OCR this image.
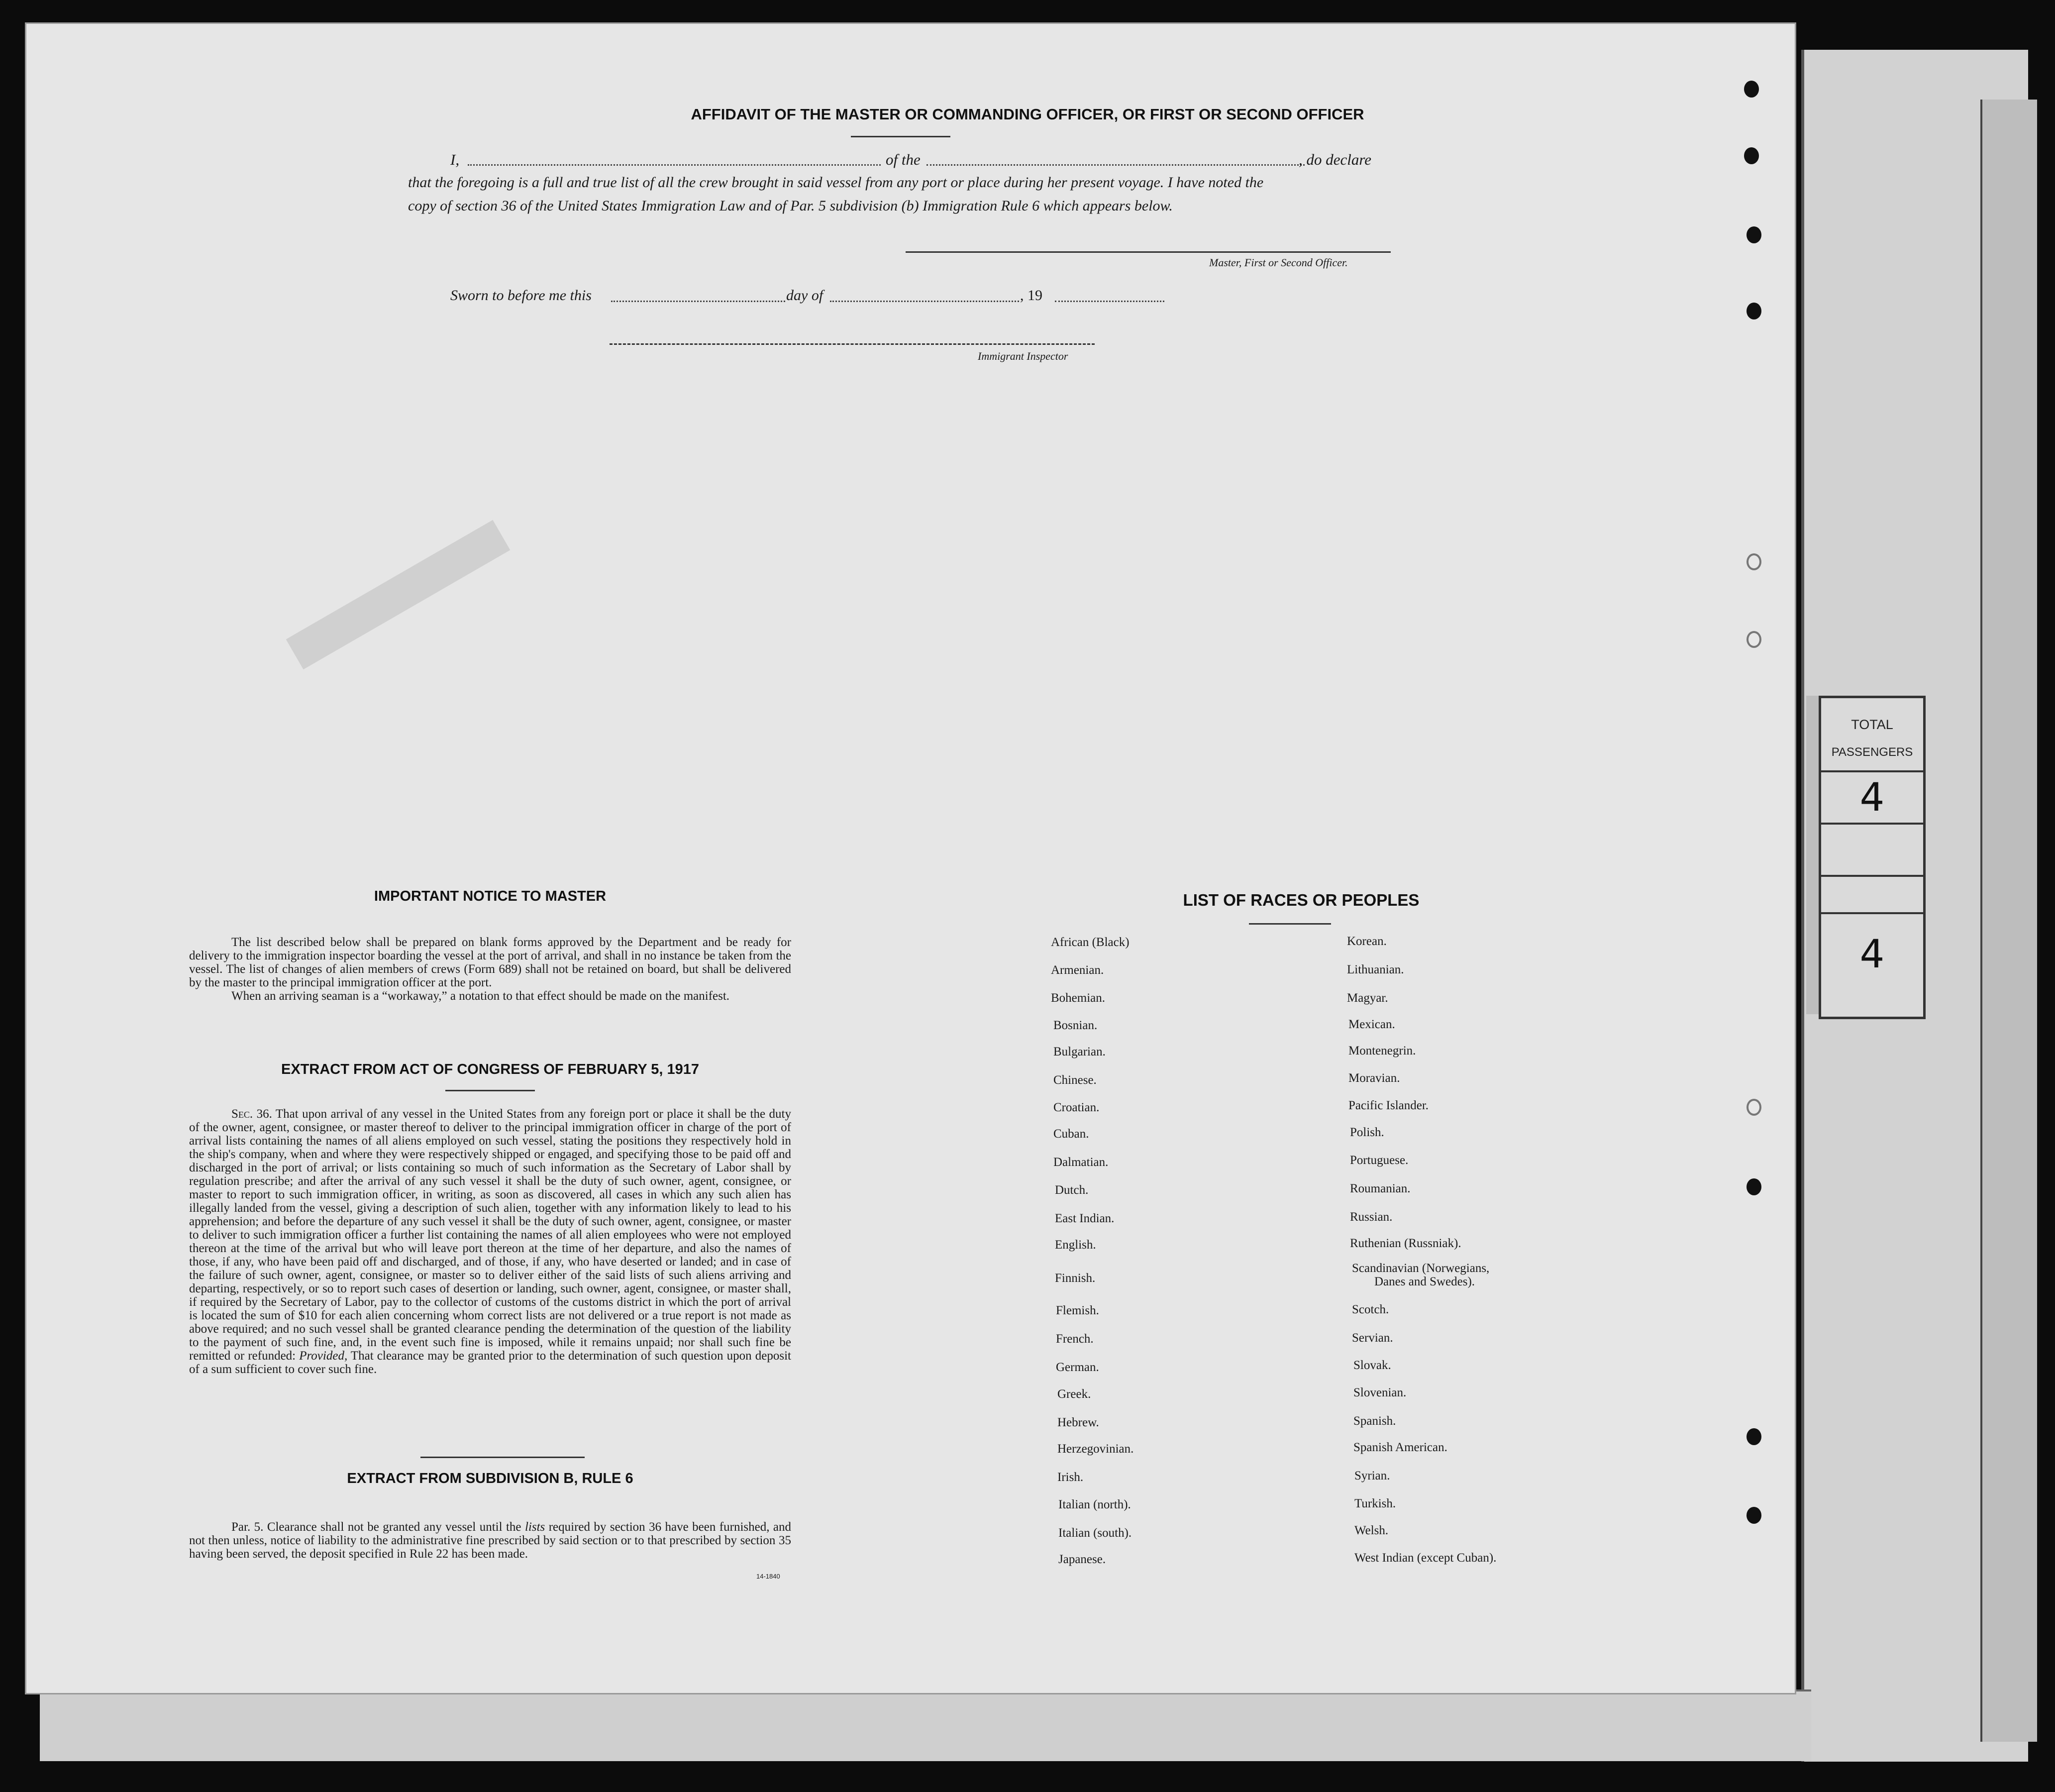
TOTAL
PASSENGERS
4
4
AFFIDAVIT OF THE MASTER OR COMMANDING OFFICER, OR FIRST OR SECOND OFFICER
I,	of the	, do declare
that the foregoing is a full and true list of all the crew brought in said vessel from any port or place during her present voyage. I have noted the
copy of section 36 of the United States Immigration Law and of Par. 5 subdivision (b) Immigration Rule 6 which appears below.
Master, First or Second Officer.
Sworn to before me this	day of	, 19
Immigrant Inspector
IMPORTANT NOTICE TO MASTER

The list described below shall be prepared on blank forms approved by the Department and be ready for delivery to the immigration inspector boarding the vessel at the port of arrival, and shall in no instance be taken from the vessel. The list of changes of alien members of crews (Form 689) shall not be retained on board, but shall be delivered by the master to the principal immigration officer at the port.

When an arriving seaman is a “workaway,” a notation to that effect should be made on the manifest.

EXTRACT FROM ACT OF CONGRESS OF FEBRUARY 5, 1917

Sec. 36. That upon arrival of any vessel in the United States from any foreign port or place it shall be the duty of the owner, agent, consignee, or master thereof to deliver to the principal immigration officer in charge of the port of arrival lists containing the names of all aliens employed on such vessel, stating the positions they respectively hold in the ship's company, when and where they were respectively shipped or engaged, and specifying those to be paid off and discharged in the port of arrival; or lists containing so much of such information as the Secretary of Labor shall by regulation prescribe; and after the arrival of any such vessel it shall be the duty of such owner, agent, consignee, or master to report to such immigration officer, in writing, as soon as discovered, all cases in which any such alien has illegally landed from the vessel, giving a description of such alien, together with any information likely to lead to his apprehension; and before the departure of any such vessel it shall be the duty of such owner, agent, consignee, or master to deliver to such immigration officer a further list containing the names of all alien employees who were not employed thereon at the time of the arrival but who will leave port thereon at the time of her departure, and also the names of those, if any, who have been paid off and discharged, and of those, if any, who have deserted or landed; and in case of the failure of such owner, agent, consignee, or master so to deliver either of the said lists of such aliens arriving and departing, respectively, or so to report such cases of desertion or landing, such owner, agent, consignee, or master shall, if required by the Secretary of Labor, pay to the collector of customs of the customs district in which the port of arrival is located the sum of $10 for each alien concerning whom correct lists are not delivered or a true report is not made as above required; and no such vessel shall be granted clearance pending the determination of the question of the liability to the payment of such fine, and, in the event such fine is imposed, while it remains unpaid; nor shall such fine be remitted or refunded: Provided, That clearance may be granted prior to the determination of such question upon deposit of a sum sufficient to cover such fine.

EXTRACT FROM SUBDIVISION B, RULE 6

Par. 5. Clearance shall not be granted any vessel until the lists required by section 36 have been furnished, and not then unless, notice of liability to the administrative fine prescribed by said section or to that prescribed by section 35 having been served, the deposit specified in Rule 22 has been made.

14-1840
LIST OF RACES OR PEOPLES
African (Black)
Armenian.
Bohemian.
Bosnian.
Bulgarian.
Chinese.
Croatian.
Cuban.
Dalmatian.
Dutch.
East Indian.
English.
Finnish.
Flemish.
French.
German.
Greek.
Hebrew.
Herzegovinian.
Irish.
Italian (north).
Italian (south).
Japanese.
Korean.
Lithuanian.
Magyar.
Mexican.
Montenegrin.
Moravian.
Pacific Islander.
Polish.
Portuguese.
Roumanian.
Russian.
Ruthenian (Russniak).
Scandinavian (Norwegians,
Danes and Swedes).
Scotch.
Servian.
Slovak.
Slovenian.
Spanish.
Spanish American.
Syrian.
Turkish.
Welsh.
West Indian (except Cuban).
